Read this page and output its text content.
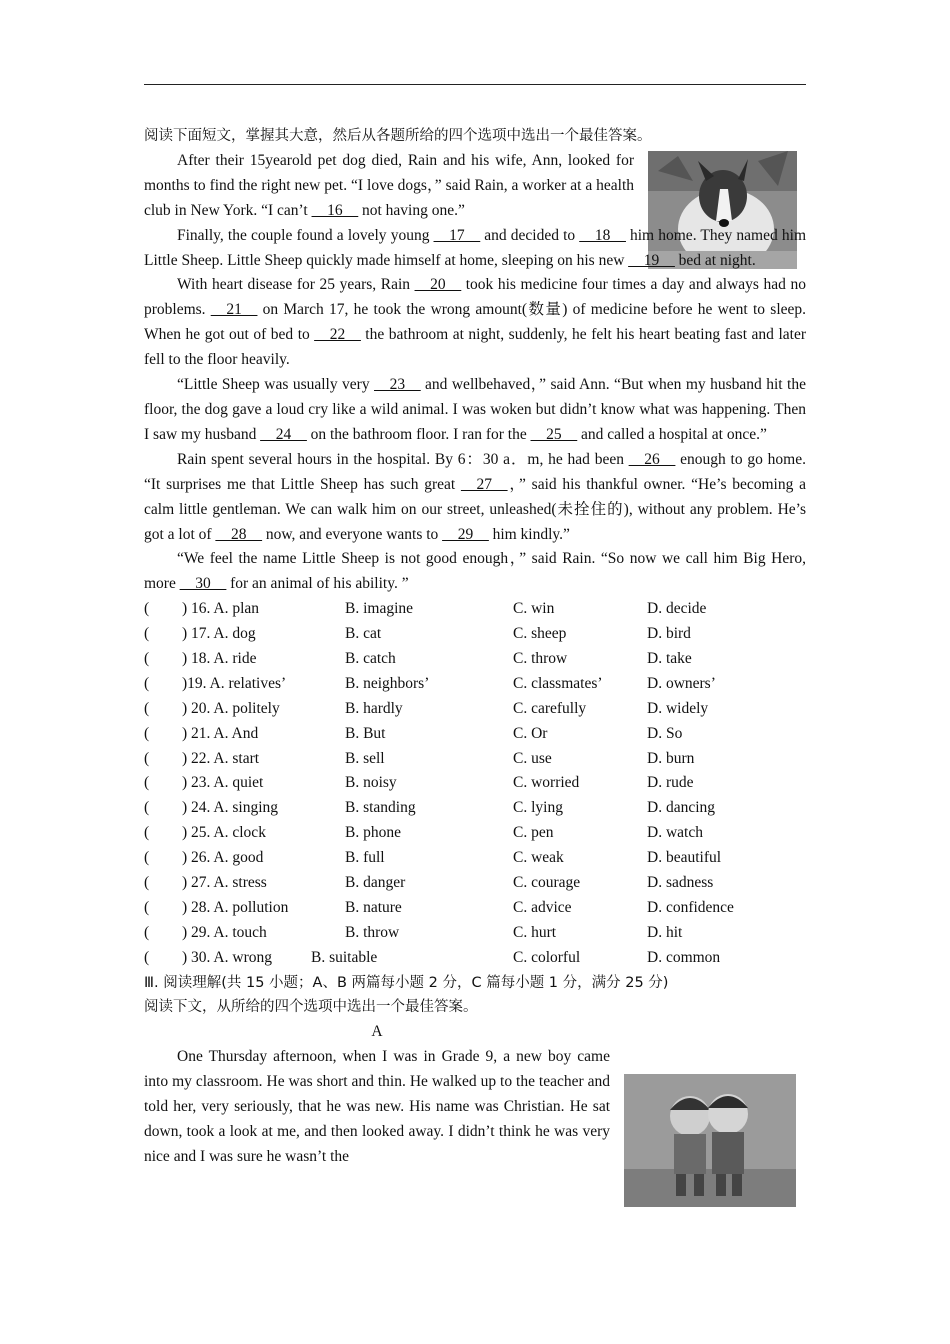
阅读下面短文，掌握其大意，然后从各题所给的四个选项中选出一个最佳答案。

After their 15yearold pet dog died, Rain and his wife, Ann, looked for months to find the right new pet. “I love dogs，” said Rain, a worker at a health club in New York. “I can’t __16__ not having one.”

Finally, the couple found a lovely young __17__ and decided to __18__ him home. They named him Little Sheep. Little Sheep quickly made himself at home, sleeping on his new __19__ bed at night.

With heart disease for 25 years, Rain __20__ took his medicine four times a day and always had no problems. __21__ on March 17, he took the wrong amount(数量) of medicine before he went to sleep. When he got out of bed to __22__ the bathroom at night, suddenly, he felt his heart beating fast and later fell to the floor heavily.

“Little Sheep was usually very __23__ and wellbehaved，” said Ann. “But when my husband hit the floor, the dog gave a loud cry like a wild animal. I was woken but didn’t know what was happening. Then I saw my husband __24__ on the bathroom floor. I ran for the __25__ and called a hospital at once.”

Rain spent several hours in the hospital. By 6：30 a．m, he had been __26__ enough to go home. “It surprises me that Little Sheep has such great __27__，” said his thankful owner. “He’s becoming a calm little gentleman. We can walk him on our street, unleashed(未拴住的), without any problem. He’s got a lot of __28__ now, and everyone wants to __29__ him kindly.”

“We feel the name Little Sheep is not good enough，” said Rain. “So now we call him Big Hero, more __30__ for an animal of his ability. ”

( ) 16. A. plan	B. imagine	C. win	D. decide
( ) 17. A. dog	B. cat	C. sheep	D. bird
( ) 18. A. ride	B. catch	C. throw	D. take
( )19. A. relatives’	B. neighbors’	C. classmates’	D. owners’
( ) 20. A. politely	B. hardly	C. carefully	D. widely
( ) 21. A. And	B. But	C. Or	D. So
( ) 22. A. start	B. sell	C. use	D. burn
( ) 23. A. quiet	B. noisy	C. worried	D. rude
( ) 24. A. singing	B. standing	C. lying	D. dancing
( ) 25. A. clock	B. phone	C. pen	D. watch
( ) 26. A. good	B. full	C. weak	D. beautiful
( ) 27. A. stress	B. danger	C. courage	D. sadness
( ) 28. A. pollution	B. nature	C. advice	D. confidence
( ) 29. A. touch	B. throw	C. hurt	D. hit
( ) 30. A. wrong	B. suitable	C. colorful	D. common

Ⅲ. 阅读理解(共 15 小题；A、B 两篇每小题 2 分，C 篇每小题 1 分，满分 25 分)

阅读下文，从所给的四个选项中选出一个最佳答案。

A

One Thursday afternoon, when I was in Grade 9, a new boy came into my classroom. He was short and thin. He walked up to the teacher and told her, very seriously, that he was new. His name was Christian. He sat down, took a look at me, and then looked away. I didn’t think he was very nice and I was sure he wasn’t the
